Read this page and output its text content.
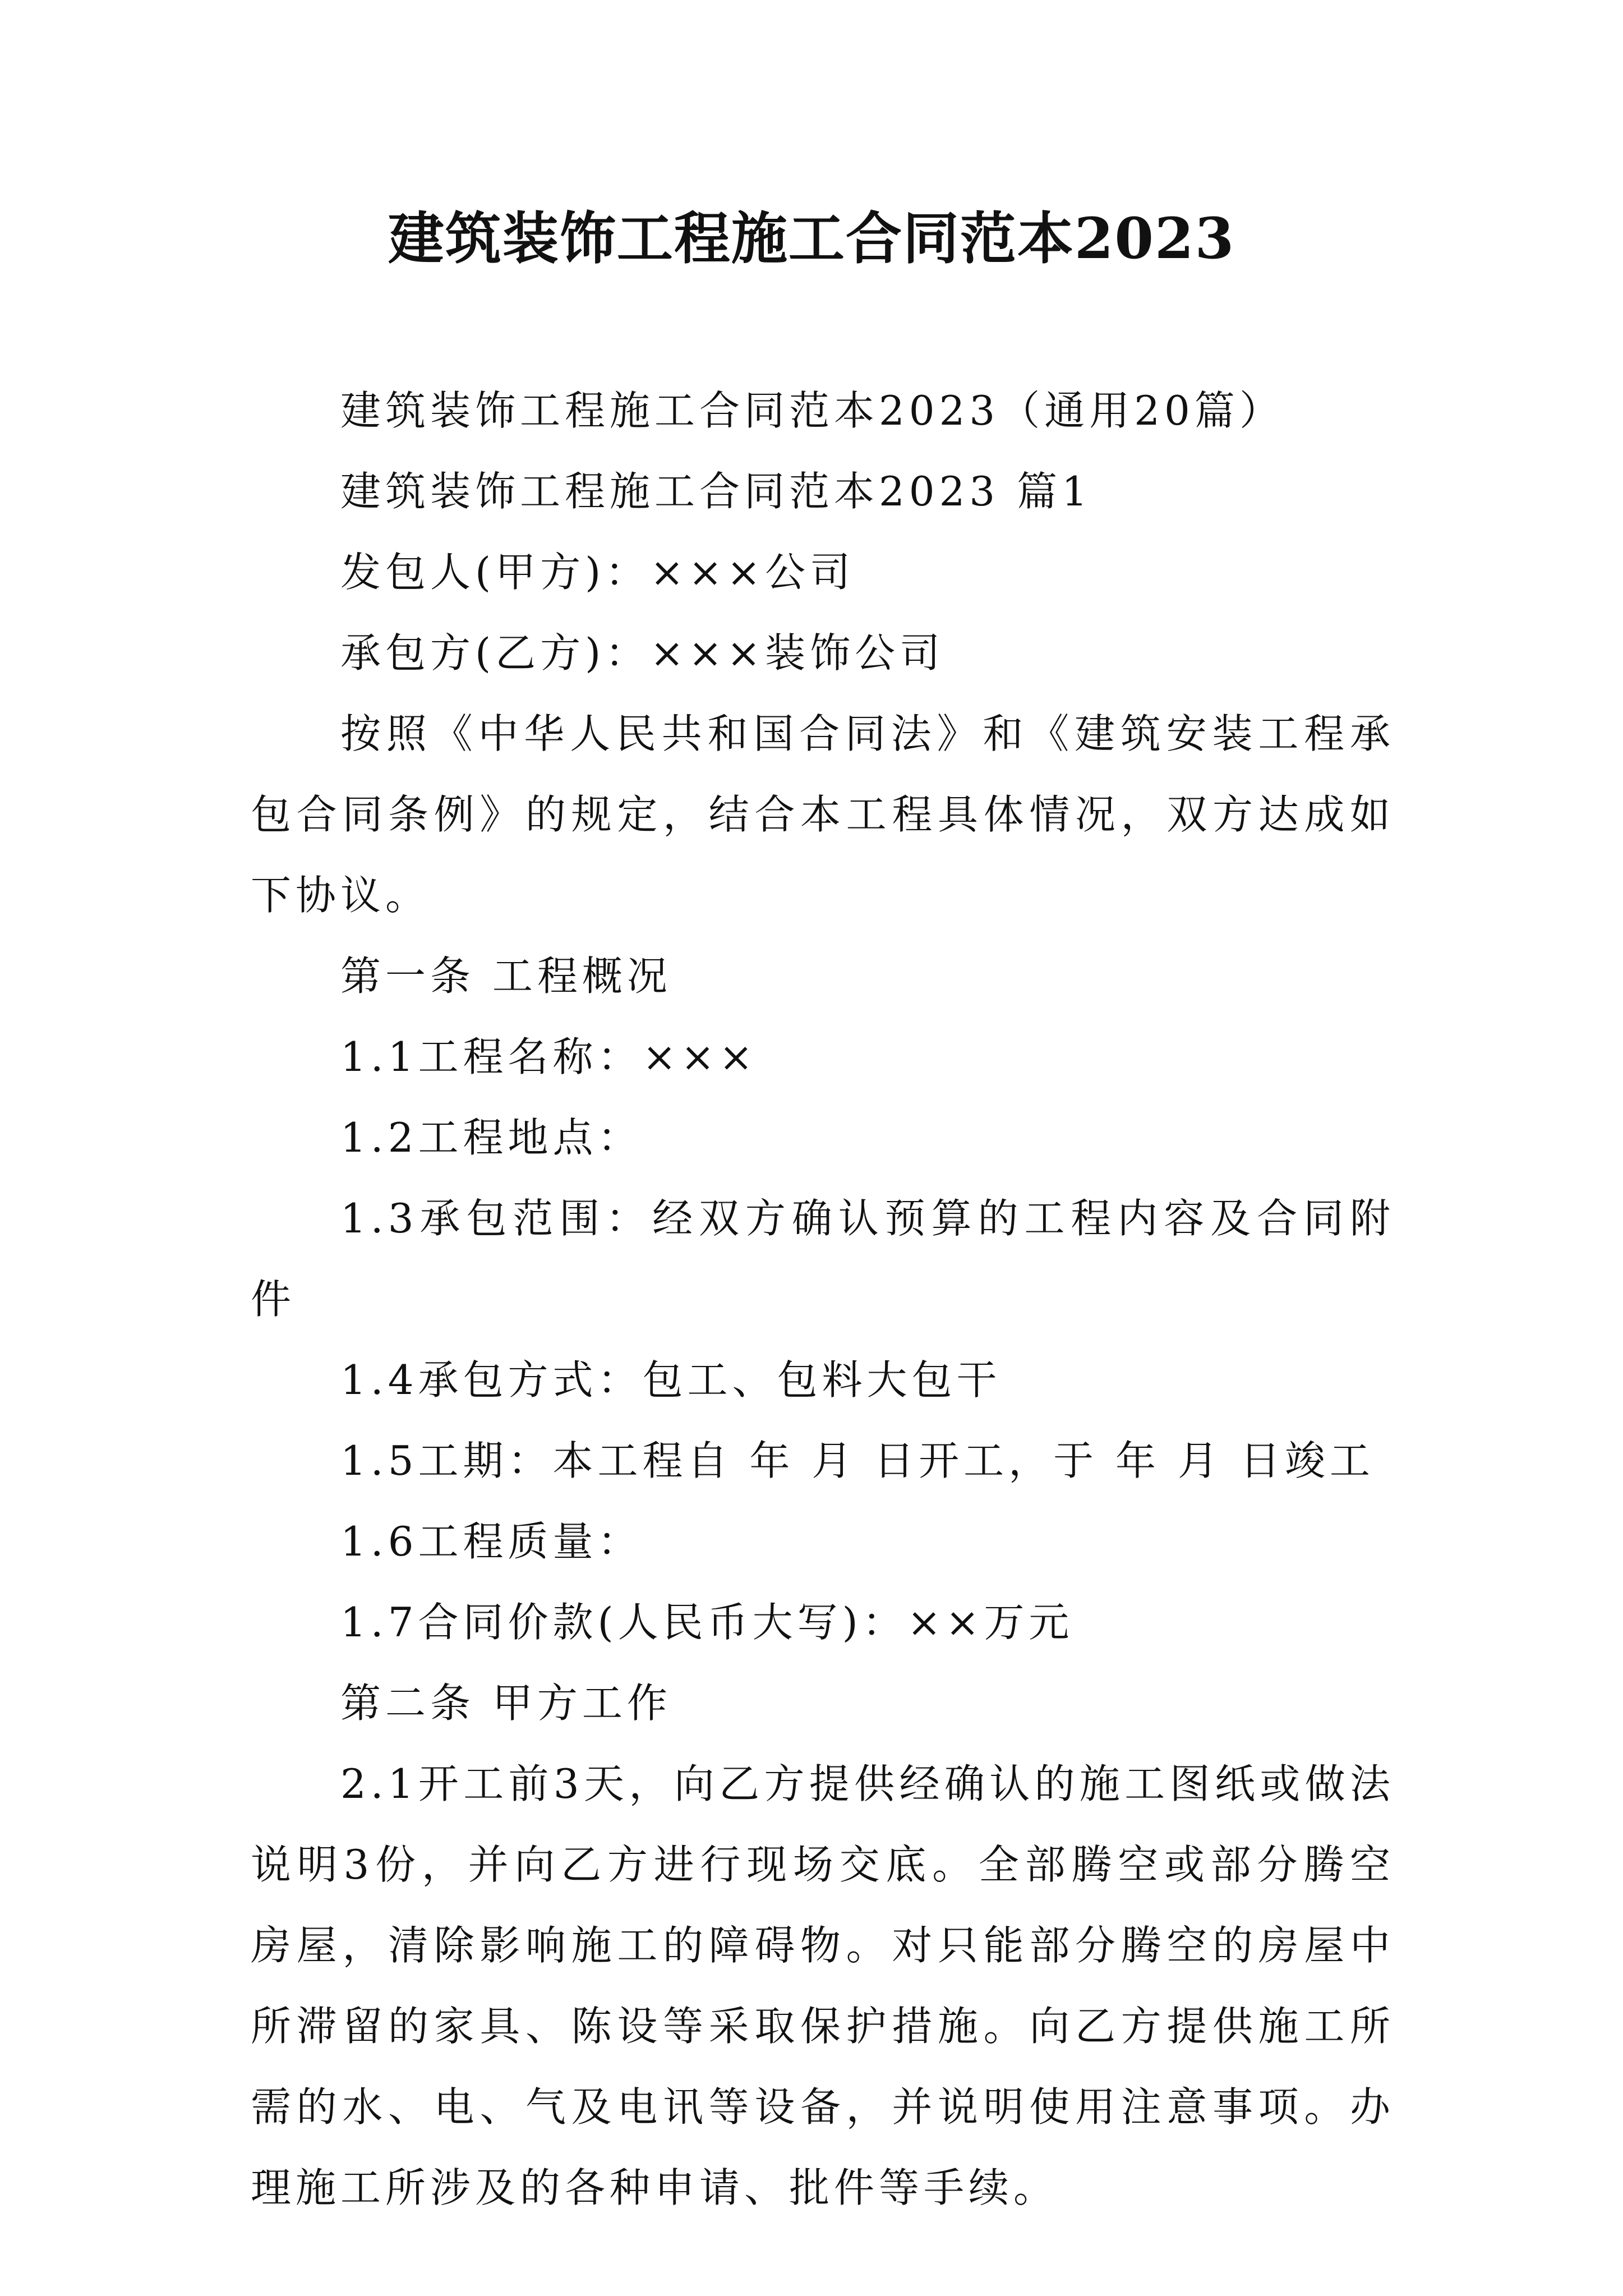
建筑装饰工程施工合同范本2023

建筑装饰工程施工合同范本2023（通用20篇）

建筑装饰工程施工合同范本2023 篇1

发包人(甲方)：×××公司

承包方(乙方)：×××装饰公司

按照《中华人民共和国合同法》和《建筑安装工程承包合同条例》的规定，结合本工程具体情况，双方达成如下协议。

第一条 工程概况

1.1工程名称：×××

1.2工程地点：

1.3承包范围：经双方确认预算的工程内容及合同附件

1.4承包方式：包工、包料大包干

1.5工期：本工程自 年 月 日开工，于 年 月 日竣工

1.6工程质量：

1.7合同价款(人民币大写)：××万元

第二条 甲方工作

2.1开工前3天，向乙方提供经确认的施工图纸或做法说明3份，并向乙方进行现场交底。全部腾空或部分腾空房屋，清除影响施工的障碍物。对只能部分腾空的房屋中所滞留的家具、陈设等采取保护措施。向乙方提供施工所需的水、电、气及电讯等设备，并说明使用注意事项。办理施工所涉及的各种申请、批件等手续。
